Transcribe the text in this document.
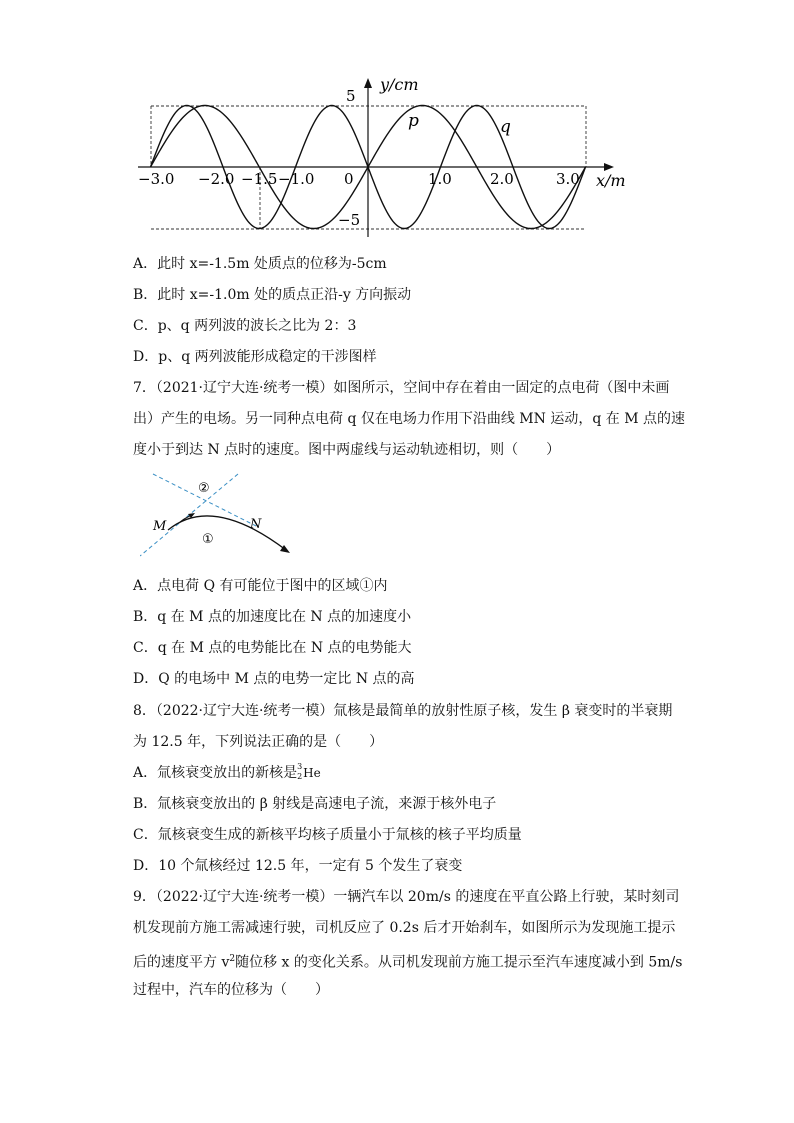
y/cm
x/m
5
−5
p	q
−3.0 −2.0 −1.5 −1.0 0	1.0	2.0	3.0
A．此时 x=-1.5m 处质点的位移为-5cm
B．此时 x=-1.0m 处的质点正沿-y 方向振动
C．p、q 两列波的波长之比为 2：3
D．p、q 两列波能形成稳定的干涉图样
7．（2021·辽宁大连·统考一模）如图所示，空间中存在着由一固定的点电荷（图中未画
出）产生的电场。另一同种点电荷 q 仅在电场力作用下沿曲线 MN 运动，q 在 M 点的速
度小于到达 N 点时的速度。图中两虚线与运动轨迹相切，则（　　）
②
①
M	N
A．点电荷 Q 有可能位于图中的区域①内
B．q 在 M 点的加速度比在 N 点的加速度小
C．q 在 M 点的电势能比在 N 点的电势能大
D．Q 的电场中 M 点的电势一定比 N 点的高
8．（2022·辽宁大连·统考一模）氚核是最简单的放射性原子核，发生 β 衰变时的半衰期
为 12.5 年，下列说法正确的是（　　）
A．氚核衰变放出的新核是 3
2 He
B．氚核衰变放出的 β 射线是高速电子流，来源于核外电子
C．氚核衰变生成的新核平均核子质量小于氚核的核子平均质量
D．10 个氚核经过 12.5 年，一定有 5 个发生了衰变
9．（2022·辽宁大连·统考一模）一辆汽车以 20m/s 的速度在平直公路上行驶，某时刻司
机发现前方施工需减速行驶，司机反应了 0.2s 后才开始刹车，如图所示为发现施工提示
后的速度平方 $v^2$随位移 x 的变化关系。从司机发现前方施工提示至汽车速度减小到 5m/s
过程中，汽车的位移为（　　）
